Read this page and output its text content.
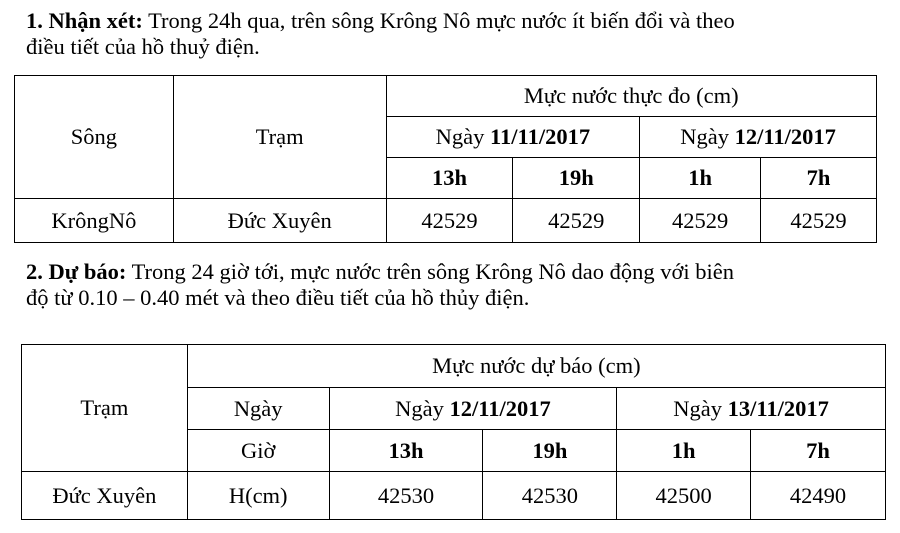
1. Nhận xét: Trong 24h qua, trên sông Krông Nô mực nước ít biến đổi và theo
điều tiết của hồ thuỷ điện.
Sông	Trạm	Mực nước thực đo (cm)			
		Ngày 11/11/2017		Ngày 12/11/2017	
		13h	19h	1h	7h
KrôngNô	Đức Xuyên	42529	42529	42529	42529
2. Dự báo: Trong 24 giờ tới, mực nước trên sông Krông Nô dao động với biên
độ từ 0.10 – 0.40 mét và theo điều tiết của hồ thủy điện.
Trạm	Mực nước dự báo (cm)				
	Ngày	Ngày 12/11/2017		Ngày 13/11/2017	
	Giờ	13h	19h	1h	7h
Đức Xuyên	H(cm)	42530	42530	42500	42490
